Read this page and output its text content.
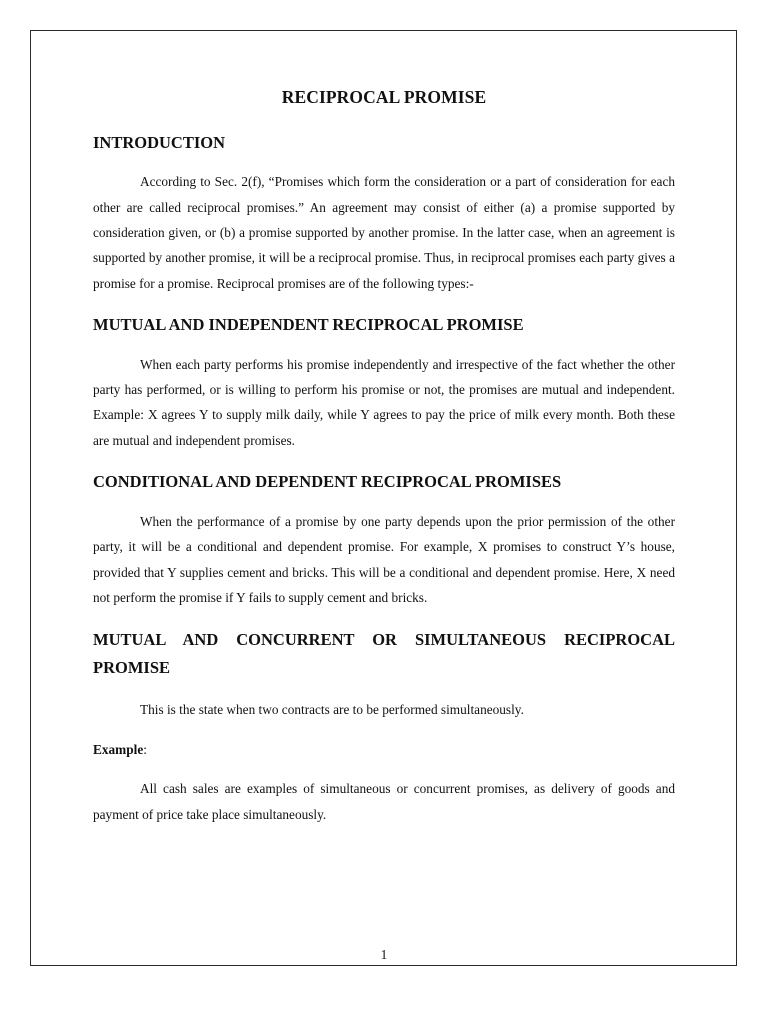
RECIPROCAL PROMISE
INTRODUCTION

According to Sec. 2(f), “Promises which form the consideration or a part of consideration for each other are called reciprocal promises.” An agreement may consist of either (a) a promise supported by consideration given, or (b) a promise supported by another promise. In the latter case, when an agreement is supported by another promise, it will be a reciprocal promise. Thus, in reciprocal promises each party gives a promise for a promise. Reciprocal promises are of the following types:-

MUTUAL AND INDEPENDENT RECIPROCAL PROMISE

When each party performs his promise independently and irrespective of the fact whether the other party has performed, or is willing to perform his promise or not, the promises are mutual and independent. Example: X agrees Y to supply milk daily, while Y agrees to pay the price of milk every month. Both these are mutual and independent promises.

CONDITIONAL AND DEPENDENT RECIPROCAL PROMISES

When the performance of a promise by one party depends upon the prior permission of the other party, it will be a conditional and dependent promise. For example, X promises to construct Y’s house, provided that Y supplies cement and bricks. This will be a conditional and dependent promise. Here, X need not perform the promise if Y fails to supply cement and bricks.

MUTUAL AND CONCURRENT OR SIMULTANEOUS RECIPROCAL PROMISE

This is the state when two contracts are to be performed simultaneously.

Example:

All cash sales are examples of simultaneous or concurrent promises, as delivery of goods and payment of price take place simultaneously.

1
